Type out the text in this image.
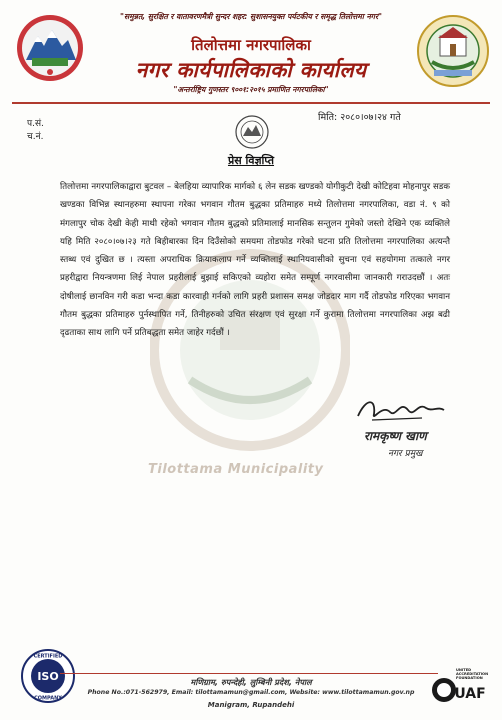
"समुन्नत, सुरक्षित र वातावरणमैत्री सुन्दर शहर: सुशासनयुक्त पर्यटकीय र समृद्ध तिलोत्तमा नगर"
तिलोत्तमा नगरपालिका
नगर कार्यपालिकाको कार्यालय
"अन्तर्राष्ट्रिय गुणस्तर ९००१:२०१५ प्रमाणित नगरपालिका"
प.सं.
च.नं.
मिति: २०८०।०७।२४ गते
प्रेस विज्ञप्ति
Tilottama Municipality
तिलोत्तमा नगरपालिकाद्वारा बुटवल – बेलहिया व्यापारिक मार्गको ६ लेन सडक खण्डको योगीकुटी देखी कोटिहवा मोहनापुर सडक खण्डका विभिन्न स्थानहरुमा स्थापना गरेका भगवान गौतम बुद्धका प्रतिमाहरु मध्ये तिलोत्तमा नगरपालिका, वडा नं. ९ को मंगलापुर चोक देखी केही माथी रहेको भगवान गौतम बुद्धको प्रतिमालाई मानसिक सन्तुलन गुमेको जस्तो देखिने एक व्यक्तिले यहि मिति २०८०।०७।२३ गते बिहीबारका दिन दिउँसोको समयमा तोडफोड गरेको घटना प्रति तिलोत्तमा नगरपालिका अत्यन्तै स्तब्ध एवं दुखित छ । त्यस्ता अपराधिक क्रियाकलाप गर्ने व्यक्तिलाई स्थानियवासीको सुचना एवं सहयोगमा तत्काले नगर प्रहरीद्वारा नियन्त्रणमा लिई नेपाल प्रहरीलाई बुझाई सकिएको व्यहोरा समेत सम्पूर्ण नगरवासीमा जानकारी गराउदछौं । अतः दोषीलाई छानविन गरी कडा भन्दा कडा कारवाही गर्नको लागि प्रहरी प्रशासन समक्ष जोडदार माग गर्दै तोडफोड गरिएका भगवान गौतम बुद्धका प्रतिमाहरु पुर्नस्थापित गर्ने, तिनीहरुको उचित संरक्षण एवं सुरक्षा गर्ने कुरामा तिलोत्तमा नगरपालिका अझ बढी दृढताका साथ लागि पर्ने प्रतिबद्धता समेत जाहेर गर्दछौं ।
रामकृष्ण खाण
नगर प्रमुख
ISO
CERTIFIED
COMPANY
मणिग्राम, रुपन्देही, लुम्बिनी प्रदेश, नेपाल
Phone No.:071-562979, Email: tilottamamun@gmail.com, Website: www.tilottamamun.gov.np
Manigram, Rupandehi
UAF
UNITED ACCREDITATION FOUNDATION
